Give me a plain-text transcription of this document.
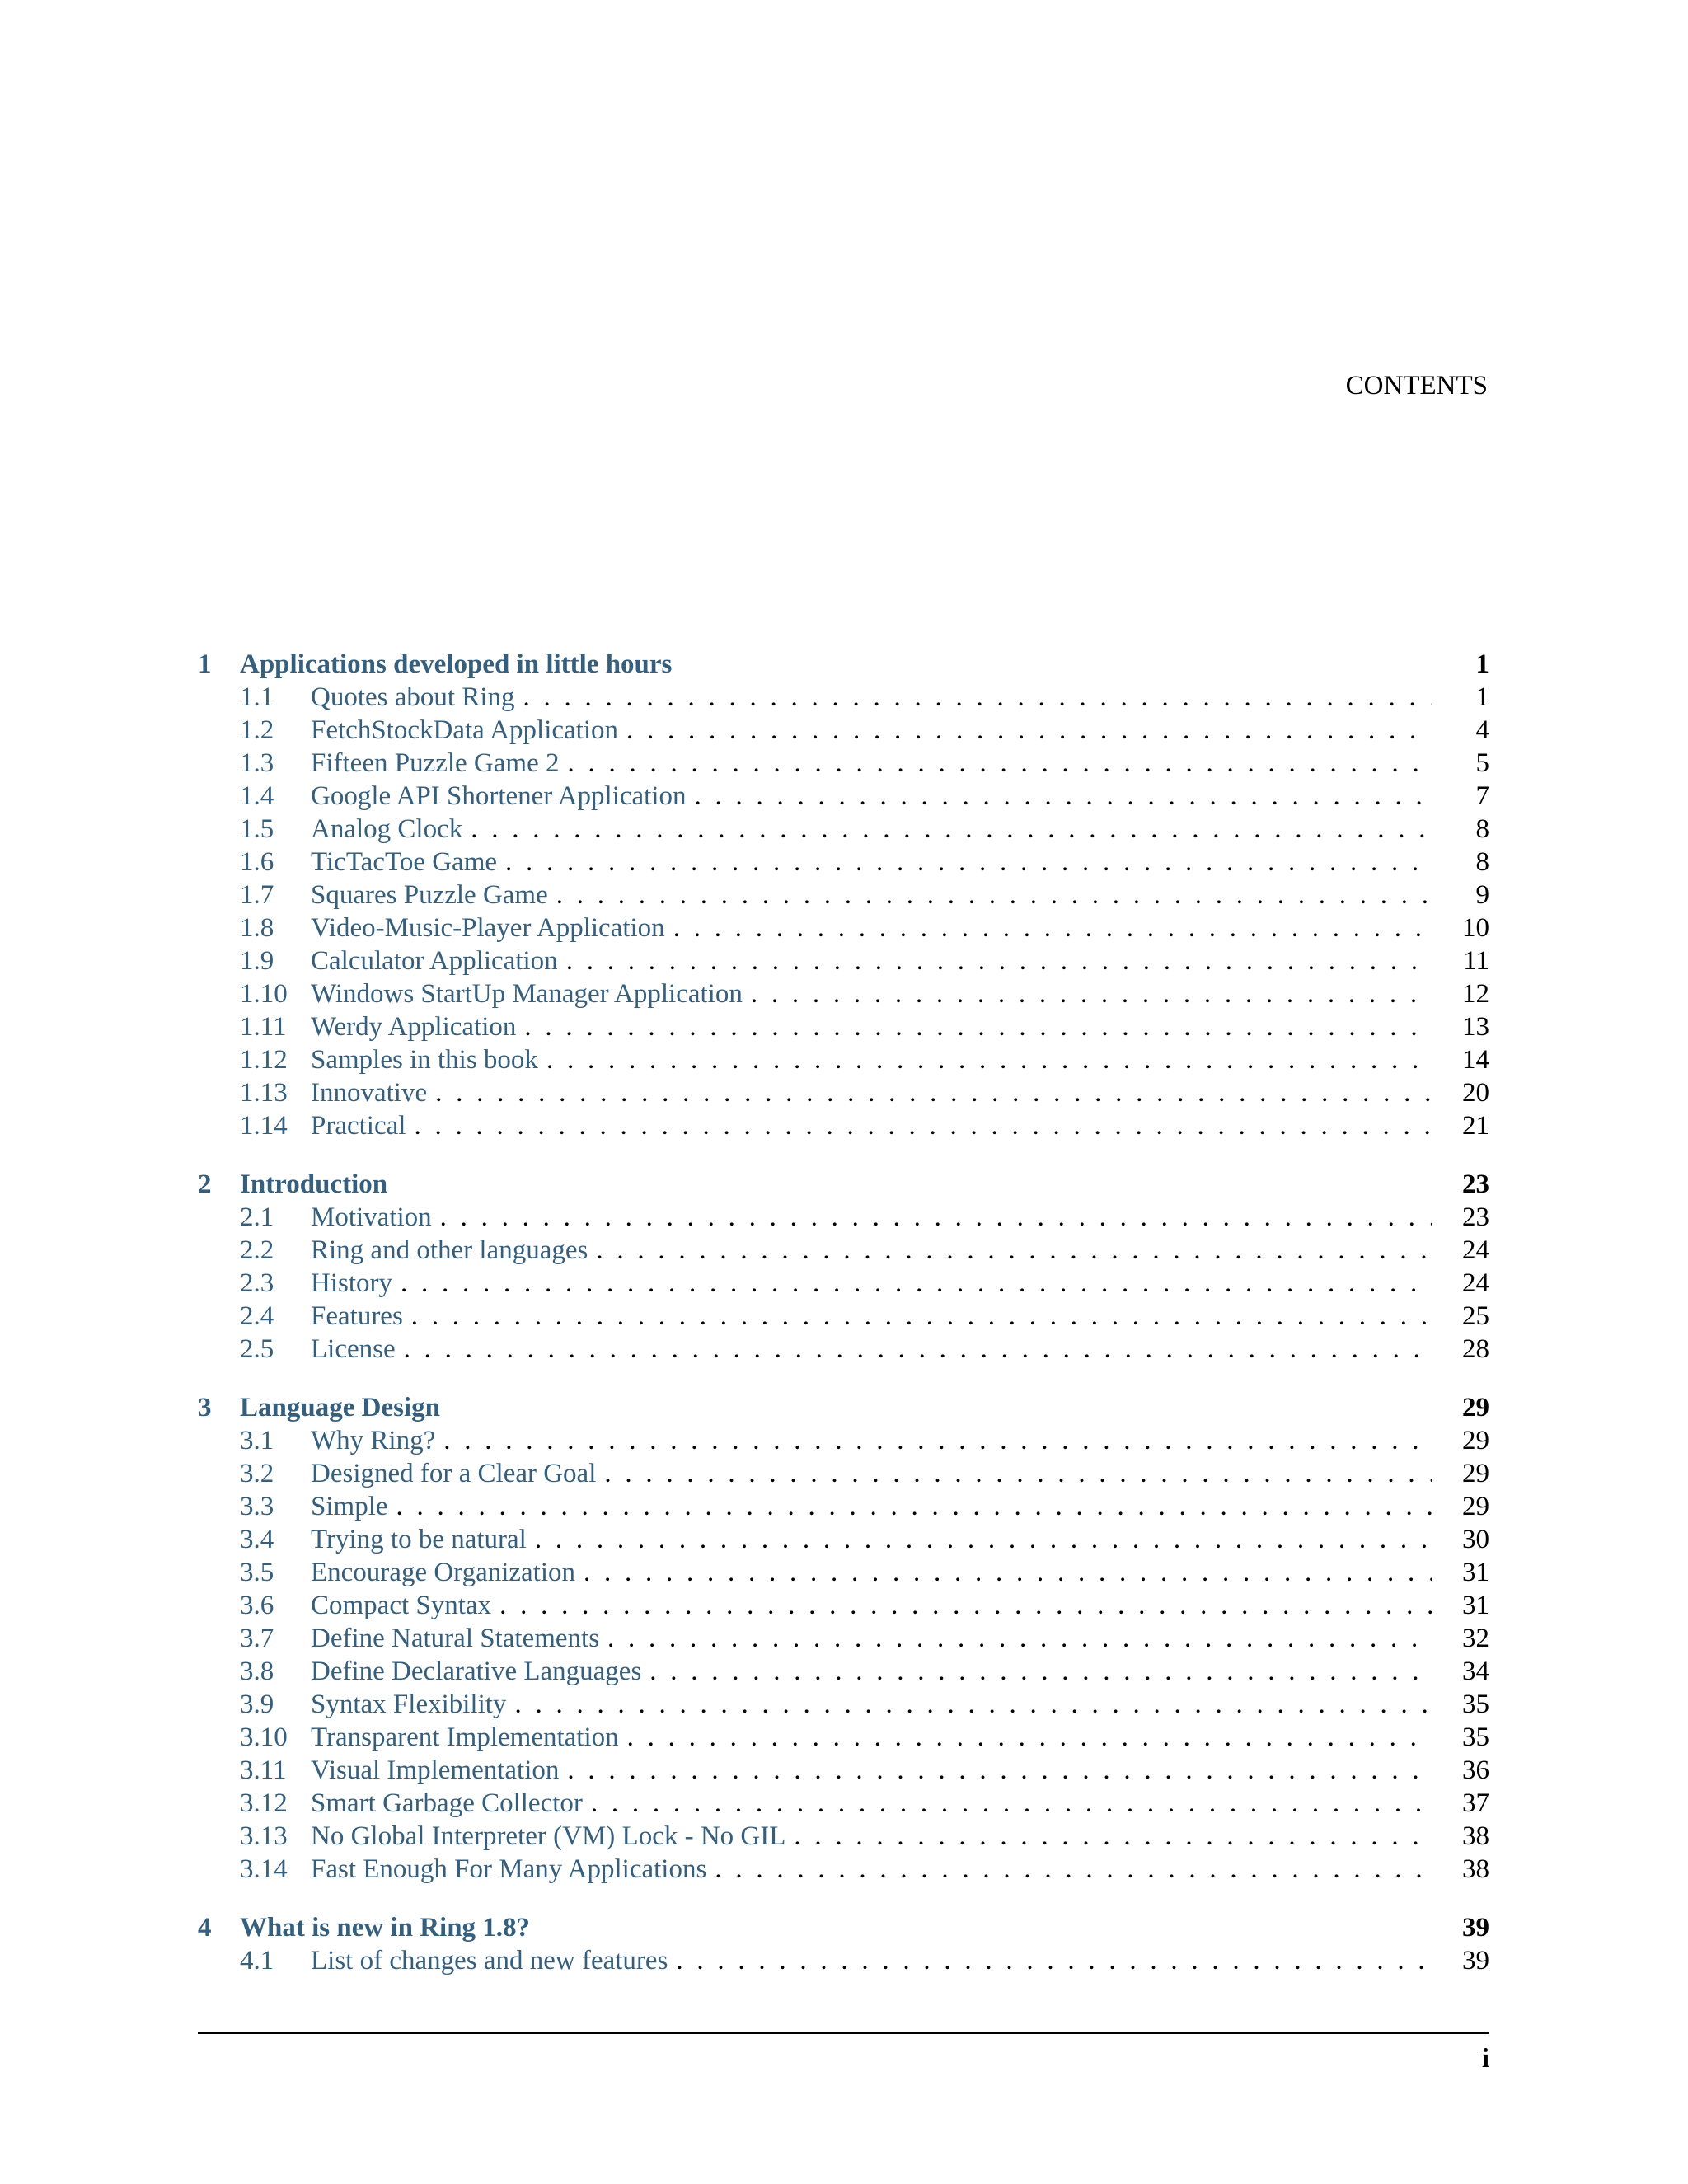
CONTENTS
1	Applications developed in little hours	1
1.1	Quotes about Ring . . .	1
1.2	FetchStockData Application . . .	4
1.3	Fifteen Puzzle Game 2 . . .	5
1.4	Google API Shortener Application . . .	7
1.5	Analog Clock . . .	8
1.6	TicTacToe Game . . .	8
1.7	Squares Puzzle Game . . .	9
1.8	Video-Music-Player Application . . .	10
1.9	Calculator Application . . .	11
1.10 Windows StartUp Manager Application . . .	12
1.11 Werdy Application . . .	13
1.12 Samples in this book . . .	14
1.13 Innovative . . .	20
1.14 Practical . . .	21
2	Introduction	23
2.1	Motivation . . .	23
2.2	Ring and other languages . . .	24
2.3	History . . .	24
2.4	Features . . .	25
2.5	License . . .	28
3	Language Design	29
3.1	Why Ring? . . .	29
3.2	Designed for a Clear Goal . . .	29
3.3	Simple . . .	29
3.4	Trying to be natural . . .	30
3.5	Encourage Organization . . .	31
3.6	Compact Syntax . . .	31
3.7	Define Natural Statements . . .	32
3.8	Define Declarative Languages . . .	34
3.9	Syntax Flexibility . . .	35
3.10 Transparent Implementation . . .	35
3.11 Visual Implementation . . .	36
3.12 Smart Garbage Collector . . .	37
3.13 No Global Interpreter (VM) Lock - No GIL . . .	38
3.14 Fast Enough For Many Applications . . .	38
4	What is new in Ring 1.8?	39
4.1	List of changes and new features . . .	39
i
